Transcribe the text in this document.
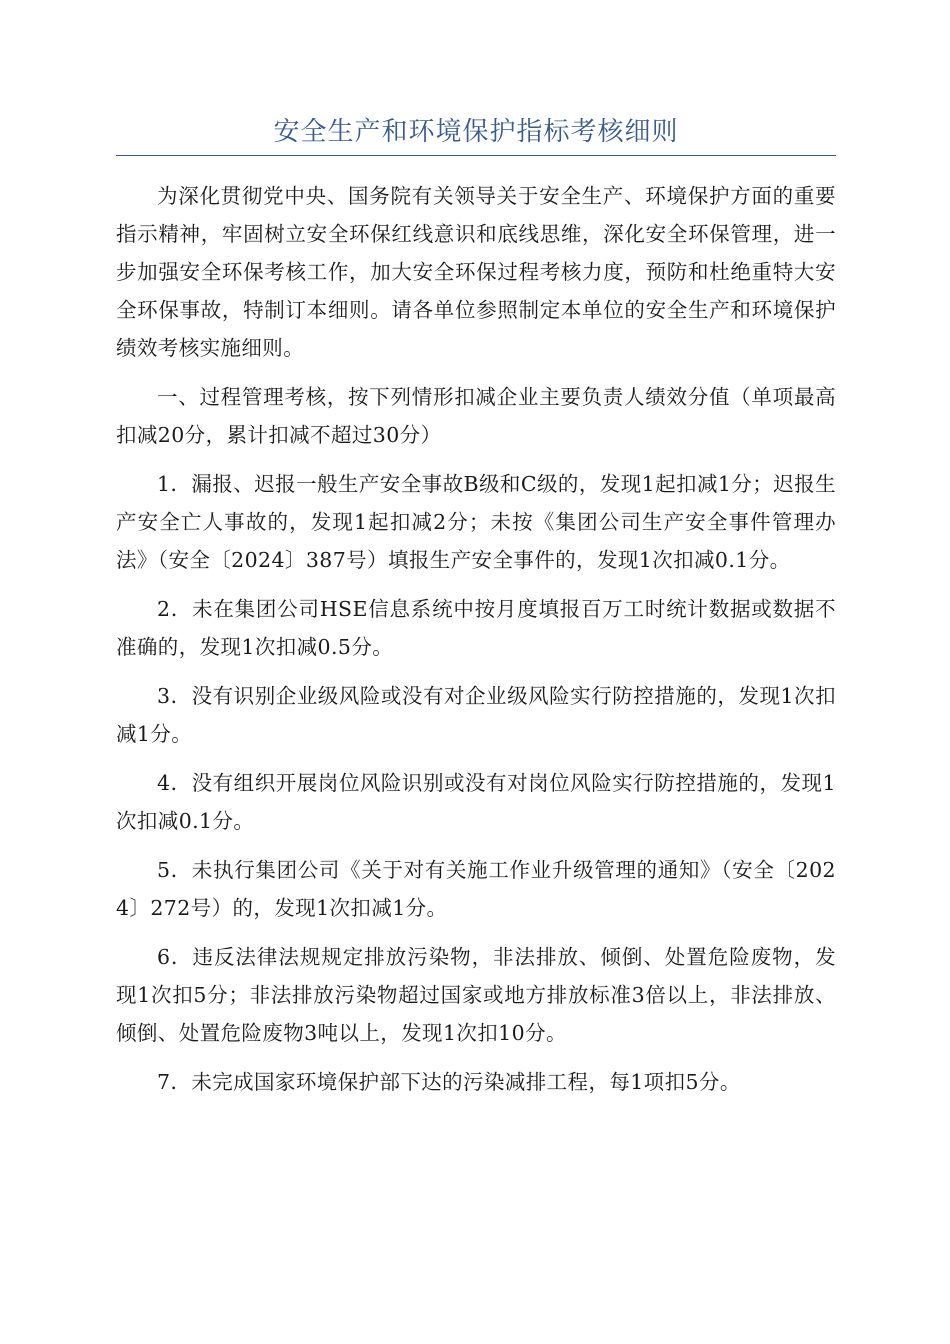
安全生产和环境保护指标考核细则

为深化贯彻党中央、国务院有关领导关于安全生产、环境保护方面的重要指示精神，牢固树立安全环保红线意识和底线思维，深化安全环保管理，进一步加强安全环保考核工作，加大安全环保过程考核力度，预防和杜绝重特大安全环保事故，特制订本细则。请各单位参照制定本单位的安全生产和环境保护绩效考核实施细则。

一、过程管理考核，按下列情形扣减企业主要负责人绩效分值（单项最高扣减20分，累计扣减不超过30分）

1．漏报、迟报一般生产安全事故B级和C级的，发现1起扣减1分；迟报生产安全亡人事故的，发现1起扣减2分；未按《集团公司生产安全事件管理办法》（安全〔2024〕387号）填报生产安全事件的，发现1次扣减0.1分。

2．未在集团公司HSE信息系统中按月度填报百万工时统计数据或数据不准确的，发现1次扣减0.5分。

3．没有识别企业级风险或没有对企业级风险实行防控措施的，发现1次扣减1分。

4．没有组织开展岗位风险识别或没有对岗位风险实行防控措施的，发现1次扣减0.1分。

5．未执行集团公司《关于对有关施工作业升级管理的通知》（安全〔2024〕272号）的，发现1次扣减1分。

6．违反法律法规规定排放污染物，非法排放、倾倒、处置危险废物，发现1次扣5分；非法排放污染物超过国家或地方排放标准3倍以上，非法排放、倾倒、处置危险废物3吨以上，发现1次扣10分。

7．未完成国家环境保护部下达的污染减排工程，每1项扣5分。
